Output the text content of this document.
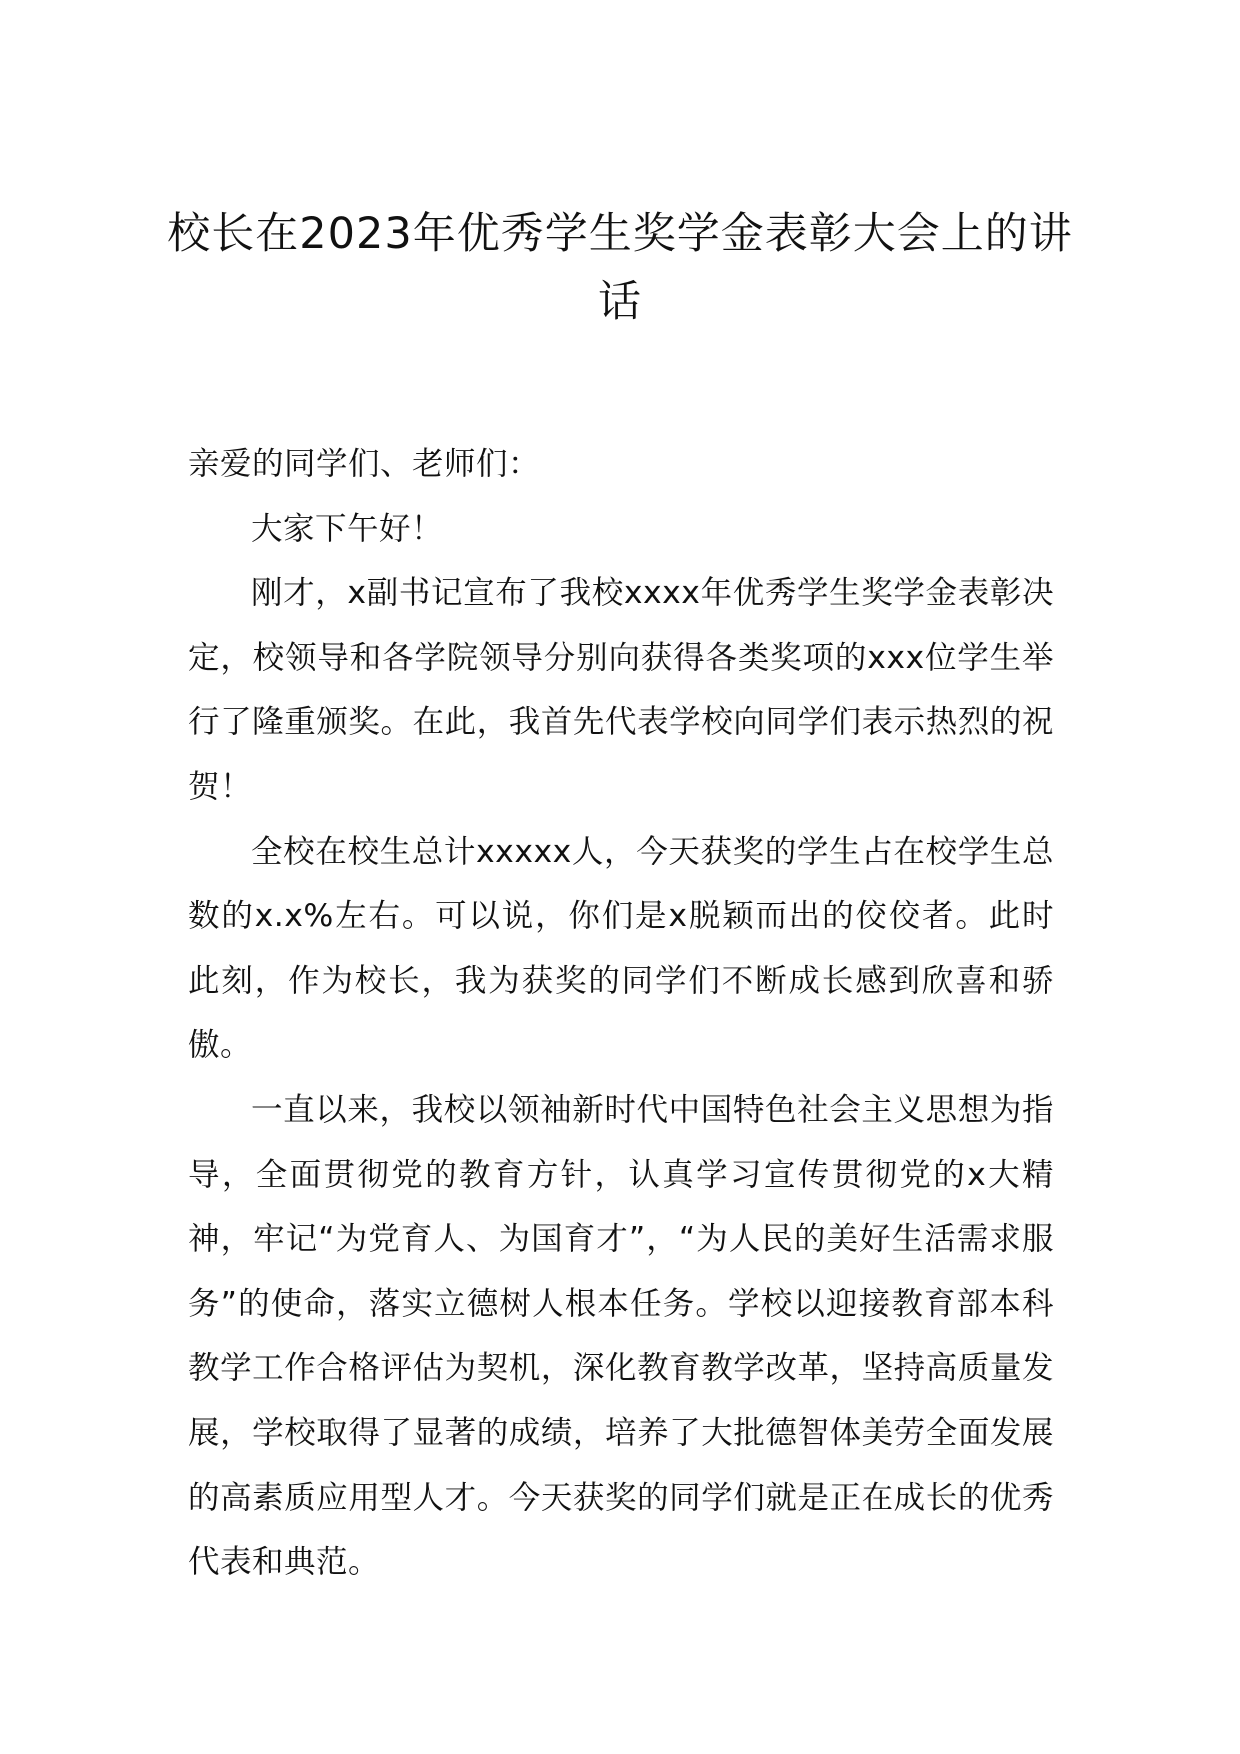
校长在2023年优秀学生奖学金表彰大会上的讲话

亲爱的同学们、老师们：

大家下午好！

刚才，x副书记宣布了我校xxxx年优秀学生奖学金表彰决定，校领导和各学院领导分别向获得各类奖项的xxx位学生举行了隆重颁奖。在此，我首先代表学校向同学们表示热烈的祝贺！

全校在校生总计xxxxx人，今天获奖的学生占在校学生总数的x.x%左右。可以说，你们是x脱颖而出的佼佼者。此时此刻，作为校长，我为获奖的同学们不断成长感到欣喜和骄傲。

一直以来，我校以领袖新时代中国特色社会主义思想为指导，全面贯彻党的教育方针，认真学习宣传贯彻党的x大精神，牢记“为党育人、为国育才”，“为人民的美好生活需求服务”的使命，落实立德树人根本任务。学校以迎接教育部本科教学工作合格评估为契机，深化教育教学改革，坚持高质量发展，学校取得了显著的成绩，培养了大批德智体美劳全面发展的高素质应用型人才。今天获奖的同学们就是正在成长的优秀代表和典范。
